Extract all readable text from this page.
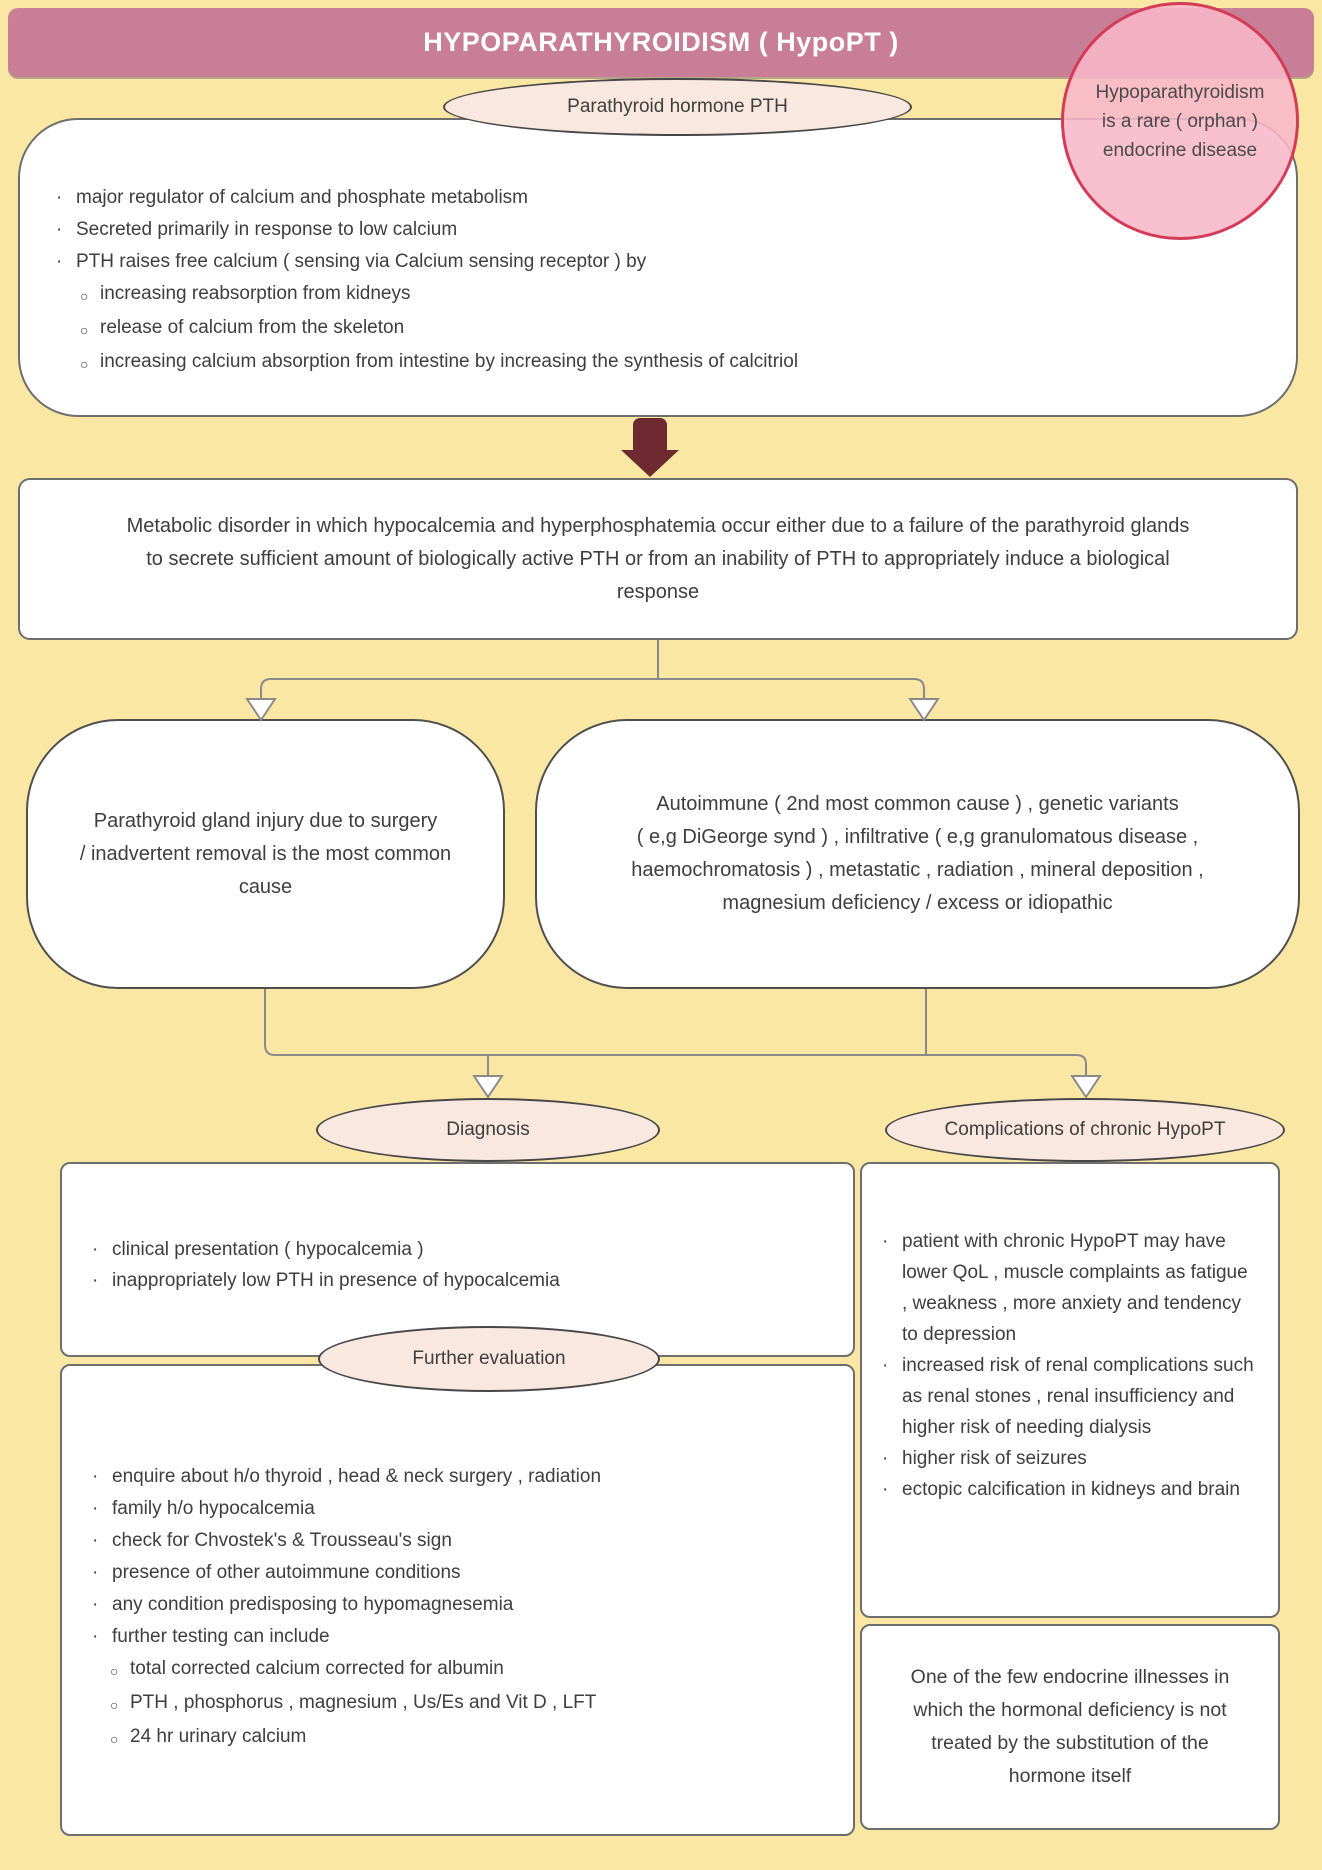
HYPOPARATHYROIDISM ( HypoPT )
Hypoparathyroidism
is a rare ( orphan )
endocrine disease
· major regulator of calcium and phosphate metabolism
· Secreted primarily in response to low calcium
· PTH raises free calcium ( sensing via Calcium sensing receptor ) by
○ increasing reabsorption from kidneys
○ release of calcium from the skeleton
○ increasing calcium absorption from intestine by increasing the synthesis of calcitriol
Parathyroid hormone PTH
Metabolic disorder in which hypocalcemia and hyperphosphatemia occur either due to a failure of the parathyroid glands
to secrete sufficient amount of biologically active PTH or from an inability of PTH to appropriately induce a biological
response
Parathyroid gland injury due to surgery
/ inadvertent removal is the most common
cause
Autoimmune ( 2nd most common cause ) , genetic variants
( e,g DiGeorge synd ) , infiltrative ( e,g granulomatous disease ,
haemochromatosis ) , metastatic , radiation , mineral deposition ,
magnesium deficiency / excess or idiopathic
Diagnosis
· clinical presentation ( hypocalcemia )
· inappropriately low PTH in presence of hypocalcemia
· enquire about h/o thyroid , head & neck surgery , radiation
· family h/o hypocalcemia
· check for Chvostek's & Trousseau's sign
· presence of other autoimmune conditions
· any condition predisposing to hypomagnesemia
· further testing can include
○ total corrected calcium corrected for albumin
○ PTH , phosphorus , magnesium , Us/Es and Vit D , LFT
○ 24 hr urinary calcium
Further evaluation
Complications of chronic HypoPT
· patient with chronic HypoPT may have lower QoL , muscle complaints as fatigue , weakness , more anxiety and tendency to depression
· increased risk of renal complications such as renal stones , renal insufficiency and higher risk of needing dialysis
· higher risk of seizures
· ectopic calcification in kidneys and brain
One of the few endocrine illnesses in
which the hormonal deficiency is not
treated by the substitution of the
hormone itself
